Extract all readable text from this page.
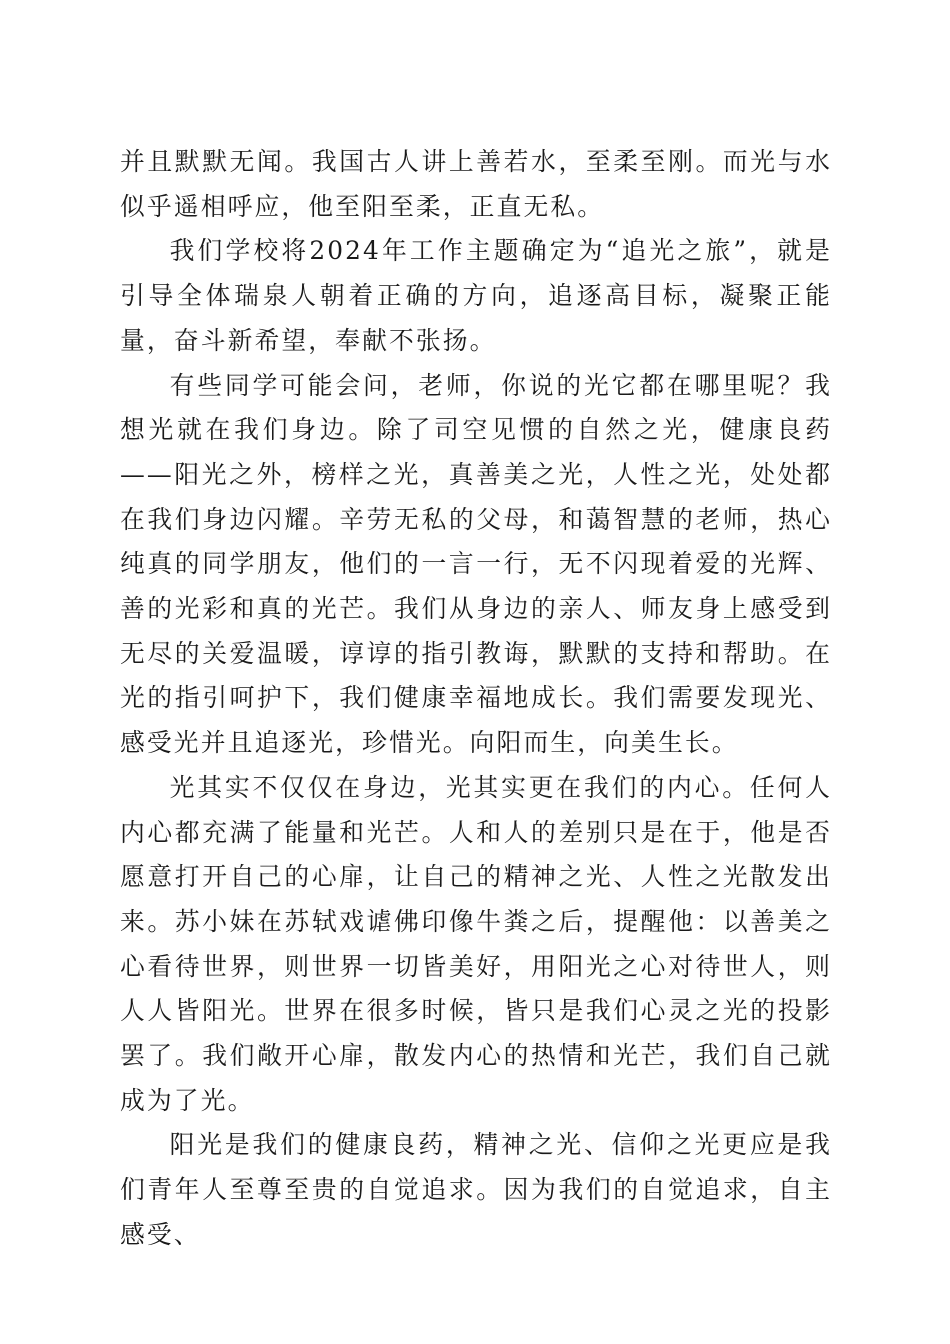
并且默默无闻。我国古人讲上善若水，至柔至刚。而光与水似乎遥相呼应，他至阳至柔，正直无私。

我们学校将2024年工作主题确定为“追光之旅”，就是引导全体瑞泉人朝着正确的方向，追逐高目标，凝聚正能量，奋斗新希望，奉献不张扬。

有些同学可能会问，老师，你说的光它都在哪里呢？我想光就在我们身边。除了司空见惯的自然之光，健康良药——阳光之外，榜样之光，真善美之光，人性之光，处处都在我们身边闪耀。辛劳无私的父母，和蔼智慧的老师，热心纯真的同学朋友，他们的一言一行，无不闪现着爱的光辉、善的光彩和真的光芒。我们从身边的亲人、师友身上感受到无尽的关爱温暖，谆谆的指引教诲，默默的支持和帮助。在光的指引呵护下，我们健康幸福地成长。我们需要发现光、感受光并且追逐光，珍惜光。向阳而生，向美生长。

光其实不仅仅在身边，光其实更在我们的内心。任何人内心都充满了能量和光芒。人和人的差别只是在于，他是否愿意打开自己的心扉，让自己的精神之光、人性之光散发出来。苏小妹在苏轼戏谑佛印像牛粪之后，提醒他：以善美之心看待世界，则世界一切皆美好，用阳光之心对待世人，则人人皆阳光。世界在很多时候，皆只是我们心灵之光的投影罢了。我们敞开心扉，散发内心的热情和光芒，我们自己就成为了光。

阳光是我们的健康良药，精神之光、信仰之光更应是我们青年人至尊至贵的自觉追求。因为我们的自觉追求，自主感受、
